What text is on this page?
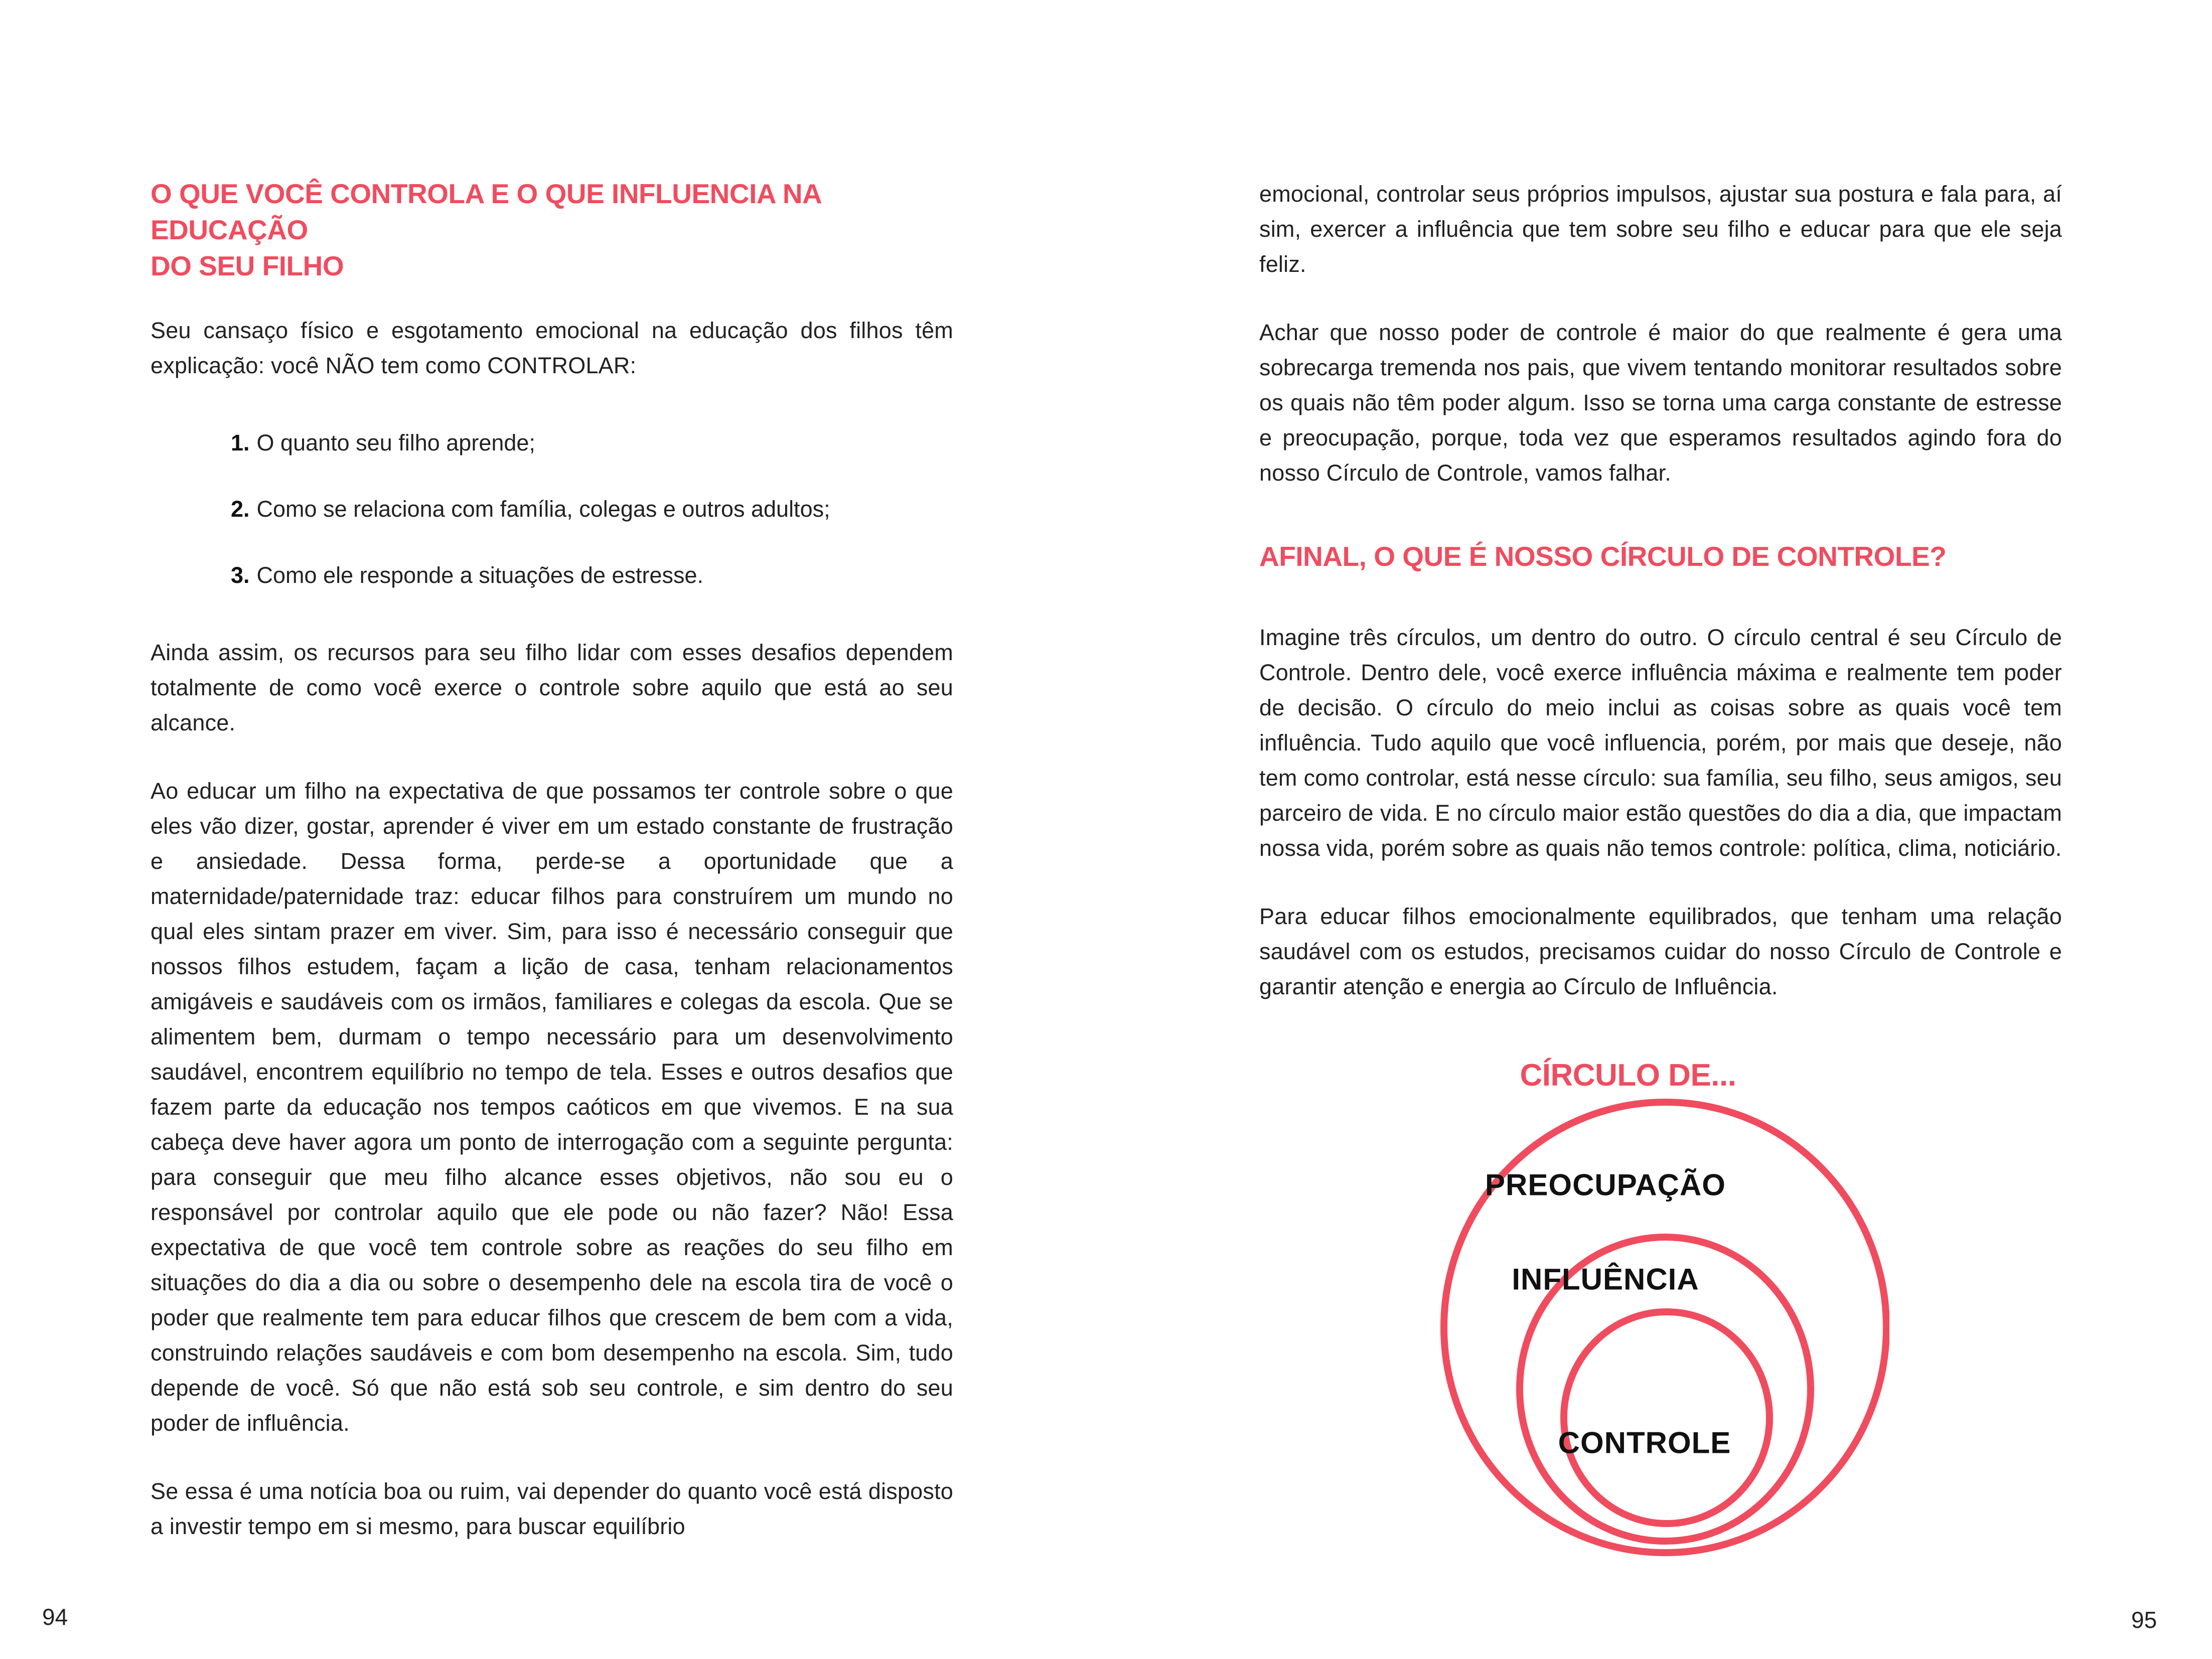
O QUE VOCÊ CONTROLA E O QUE INFLUENCIA NA EDUCAÇÃO
DO SEU FILHO

Seu cansaço físico e esgotamento emocional na educação dos filhos têm explicação: você NÃO tem como CONTROLAR:

1. O quanto seu filho aprende;
2. Como se relaciona com família, colegas e outros adultos;
3. Como ele responde a situações de estresse.

Ainda assim, os recursos para seu filho lidar com esses desafios dependem totalmente de como você exerce o controle sobre aquilo que está ao seu alcance.

Ao educar um filho na expectativa de que possamos ter controle sobre o que eles vão dizer, gostar, aprender é viver em um estado constante de frustração e ansiedade. Dessa forma, perde-se a oportunidade que a maternidade/paternidade traz: educar filhos para construírem um mundo no qual eles sintam prazer em viver. Sim, para isso é necessário conseguir que nossos filhos estudem, façam a lição de casa, tenham relacionamentos amigáveis e saudáveis com os irmãos, familiares e colegas da escola. Que se alimentem bem, durmam o tempo necessário para um desenvolvimento saudável, encontrem equilíbrio no tempo de tela. Esses e outros desafios que fazem parte da educação nos tempos caóticos em que vivemos. E na sua cabeça deve haver agora um ponto de interrogação com a seguinte pergunta: para conseguir que meu filho alcance esses objetivos, não sou eu o responsável por controlar aquilo que ele pode ou não fazer? Não! Essa expectativa de que você tem controle sobre as reações do seu filho em situações do dia a dia ou sobre o desempenho dele na escola tira de você o poder que realmente tem para educar filhos que crescem de bem com a vida, construindo relações saudáveis e com bom desempenho na escola. Sim, tudo depende de você. Só que não está sob seu controle, e sim dentro do seu poder de influência.

Se essa é uma notícia boa ou ruim, vai depender do quanto você está disposto a investir tempo em si mesmo, para buscar equilíbrio

emocional, controlar seus próprios impulsos, ajustar sua postura e fala para, aí sim, exercer a influência que tem sobre seu filho e educar para que ele seja feliz.

Achar que nosso poder de controle é maior do que realmente é gera uma sobrecarga tremenda nos pais, que vivem tentando monitorar resultados sobre os quais não têm poder algum. Isso se torna uma carga constante de estresse e preocupação, porque, toda vez que esperamos resultados agindo fora do nosso Círculo de Controle, vamos falhar.

AFINAL, O QUE É NOSSO CÍRCULO DE CONTROLE?

Imagine três círculos, um dentro do outro. O círculo central é seu Círculo de Controle. Dentro dele, você exerce influência máxima e realmente tem poder de decisão. O círculo do meio inclui as coisas sobre as quais você tem influência. Tudo aquilo que você influencia, porém, por mais que deseje, não tem como controlar, está nesse círculo: sua família, seu filho, seus amigos, seu parceiro de vida. E no círculo maior estão questões do dia a dia, que impactam nossa vida, porém sobre as quais não temos controle: política, clima, noticiário.

Para educar filhos emocionalmente equilibrados, que tenham uma relação saudável com os estudos, precisamos cuidar do nosso Círculo de Controle e garantir atenção e energia ao Círculo de Influência.

CÍRCULO DE...
PREOCUPAÇÃO
INFLUÊNCIA
CONTROLE
94	95
